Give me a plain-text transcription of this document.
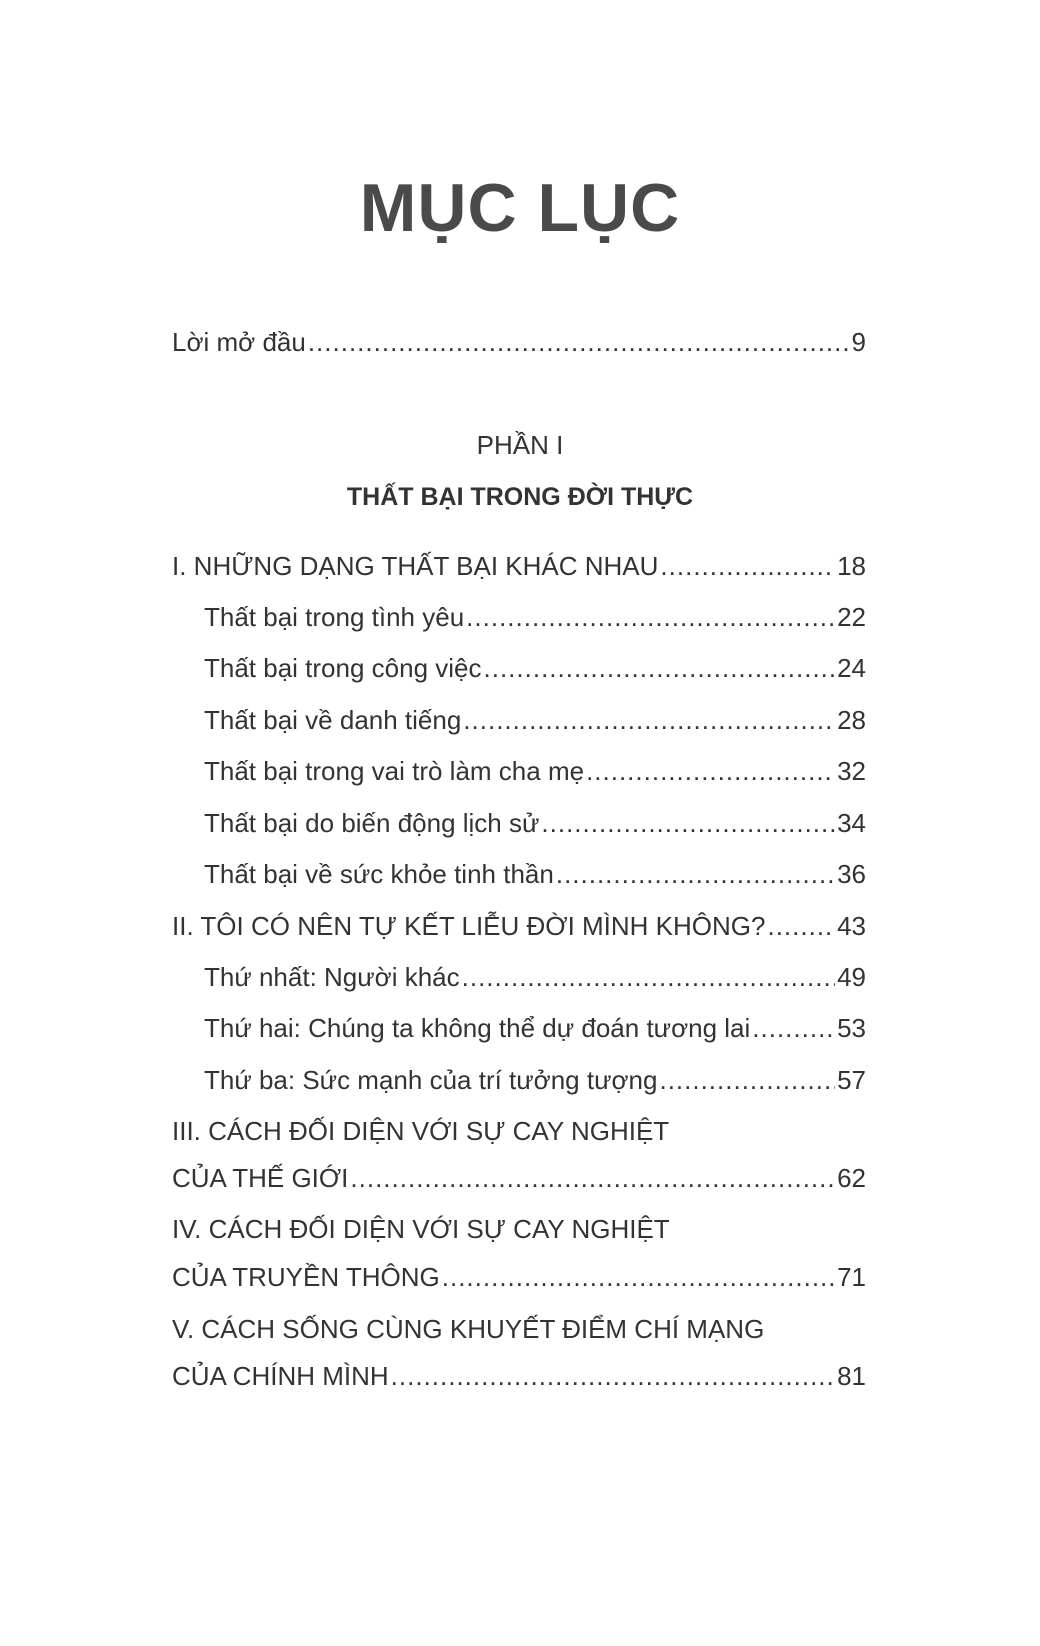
MỤC LỤC
Lời mở đầu .....	9
I. NHỮNG DẠNG THẤT BẠI KHÁC NHAU .....	18
Thất bại trong tình yêu .....	22
Thất bại trong công việc .....	24
Thất bại về danh tiếng .....	28
Thất bại trong vai trò làm cha mẹ .....	32
Thất bại do biến động lịch sử .....	34
Thất bại về sức khỏe tinh thần .....	36
II. TÔI CÓ NÊN TỰ KẾT LIỄU ĐỜI MÌNH KHÔNG? .....	43
Thứ nhất: Người khác .....	49
Thứ hai: Chúng ta không thể dự đoán tương lai .....	53
Thứ ba: Sức mạnh của trí tưởng tượng .....	57
III. CÁCH ĐỐI DIỆN VỚI SỰ CAY NGHIỆT
CỦA THẾ GIỚI .....	62
IV. CÁCH ĐỐI DIỆN VỚI SỰ CAY NGHIỆT
CỦA TRUYỀN THÔNG .....	71
V. CÁCH SỐNG CÙNG KHUYẾT ĐIỂM CHÍ MẠNG
CỦA CHÍNH MÌNH .....	81
PHẦN I
THẤT BẠI TRONG ĐỜI THỰC
